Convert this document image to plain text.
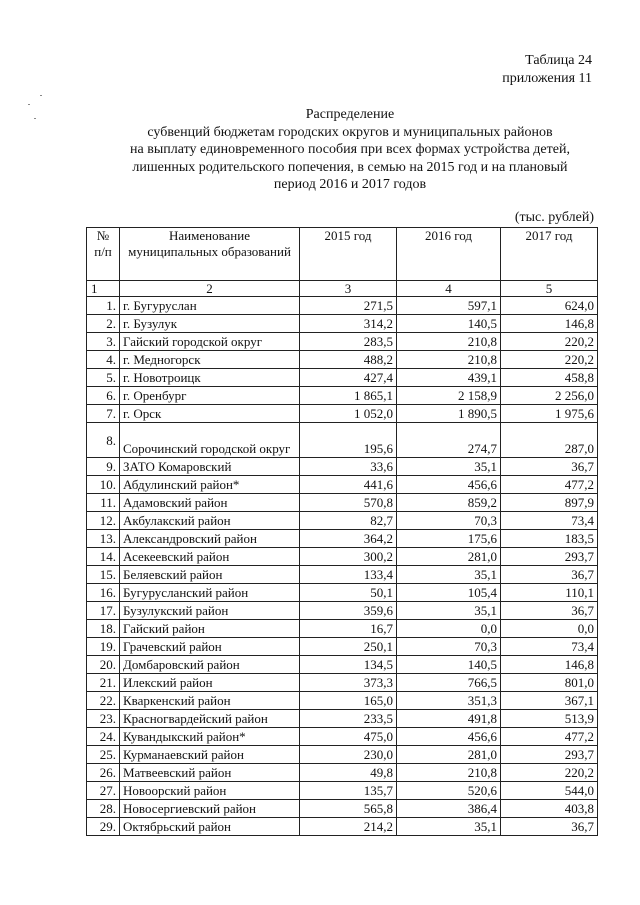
Таблица 24
приложения 11
Распределение
субвенций бюджетам городских округов и муниципальных районов
на выплату единовременного пособия при всех формах устройства детей,
лишенных родительского попечения, в семью на 2015 год и на плановый
период 2016 и 2017 годов
(тыс. рублей)
№ п/п	Наименование муниципальных образований	2015 год	2016 год	2017 год
1	2	3	4	5
1.	г. Бугуруслан	271,5	597,1	624,0
2.	г. Бузулук	314,2	140,5	146,8
3.	Гайский городской округ	283,5	210,8	220,2
4.	г. Медногорск	488,2	210,8	220,2
5.	г. Новотроицк	427,4	439,1	458,8
6.	г. Оренбург	1 865,1	2 158,9	2 256,0
7.	г. Орск	1 052,0	1 890,5	1 975,6
8.	Сорочинский городской округ	195,6	274,7	287,0
9.	ЗАТО Комаровский	33,6	35,1	36,7
10.	Абдулинский район*	441,6	456,6	477,2
11.	Адамовский район	570,8	859,2	897,9
12.	Акбулакский район	82,7	70,3	73,4
13.	Александровский район	364,2	175,6	183,5
14.	Асекеевский район	300,2	281,0	293,7
15.	Беляевский район	133,4	35,1	36,7
16.	Бугурусланский район	50,1	105,4	110,1
17.	Бузулукский район	359,6	35,1	36,7
18.	Гайский район	16,7	0,0	0,0
19.	Грачевский район	250,1	70,3	73,4
20.	Домбаровский район	134,5	140,5	146,8
21.	Илекский район	373,3	766,5	801,0
22.	Кваркенский район	165,0	351,3	367,1
23.	Красногвардейский район	233,5	491,8	513,9
24.	Кувандыкский район*	475,0	456,6	477,2
25.	Курманаевский район	230,0	281,0	293,7
26.	Матвеевский район	49,8	210,8	220,2
27.	Новоорский район	135,7	520,6	544,0
28.	Новосергиевский район	565,8	386,4	403,8
29.	Октябрьский район	214,2	35,1	36,7
